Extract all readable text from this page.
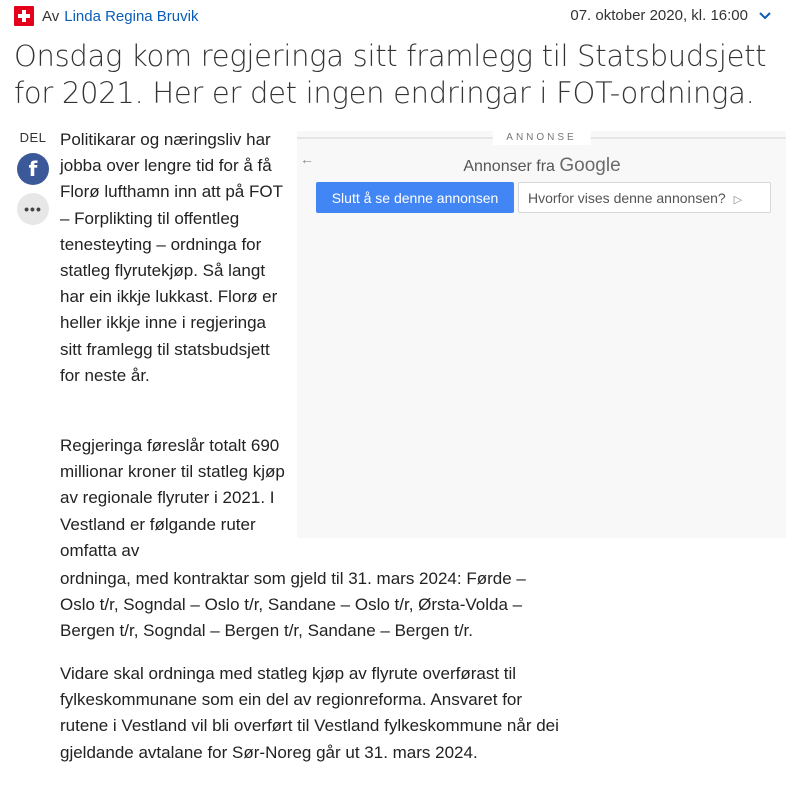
Av Linda Regina Bruvik	07. oktober 2020, kl. 16:00
Onsdag kom regjeringa sitt framlegg til Statsbudsjett for 2021. Her er det ingen endringar i FOT-ordninga.
DEL
f
•••

Politikarar og næringsliv har jobba over lengre tid for å få Florø lufthamn inn att på FOT – Forplikting til offentleg tenesteyting – ordninga for statleg flyrutekjøp. Så langt har ein ikkje lukkast. Florø er heller ikkje inne i regjeringa sitt framlegg til statsbudsjett for neste år.

Regjeringa føreslår totalt 690 millionar kroner til statleg kjøp av regionale flyruter i 2021. I Vestland er følgande ruter omfatta av

ordninga, med kontraktar som gjeld til 31. mars 2024: Førde – Oslo t/r, Sogndal – Oslo t/r, Sandane – Oslo t/r, Ørsta-Volda – Bergen t/r, Sogndal – Bergen t/r, Sandane – Bergen t/r.

Vidare skal ordninga med statleg kjøp av flyrute overførast til fylkeskommunane som ein del av regionreforma. Ansvaret for rutene i Vestland vil bli overført til Vestland fylkeskommune når dei gjeldande avtalane for Sør-Noreg går ut 31. mars 2024.

ANNONSE
←	Annonser fra Google
Slutt å se denne annonsen	Hvorfor vises denne annonsen? ▷
